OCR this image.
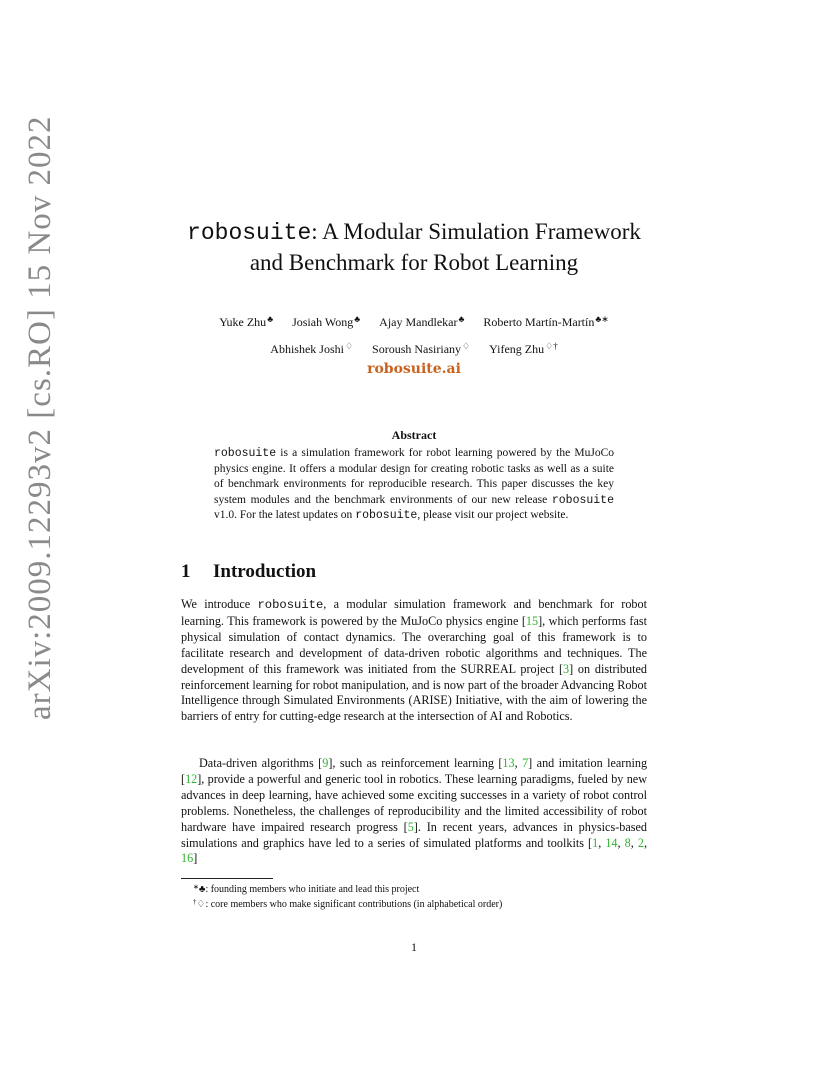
arXiv:2009.12293v2 [cs.RO] 15 Nov 2022	robosuite: A Modular Simulation Framework
and Benchmark for Robot Learning
Yuke Zhu♣ Josiah Wong♣ Ajay Mandlekar♣ Roberto Martín-Martín♣∗
Abhishek Joshi♢ Soroush Nasiriany♢ Yifeng Zhu♢†
robosuite.ai
Abstract
robosuite is a simulation framework for robot learning powered by the MuJoCo physics engine. It offers a modular design for creating robotic tasks as well as a suite of benchmark environments for reproducible research. This paper discusses the key system modules and the benchmark environments of our new release robosuite v1.0. For the latest updates on robosuite, please visit our project website.
1 Introduction
We introduce robosuite, a modular simulation framework and benchmark for robot learning. This framework is powered by the MuJoCo physics engine [15], which performs fast physical simulation of contact dynamics. The overarching goal of this framework is to facilitate research and development of data-driven robotic algorithms and techniques. The development of this framework was initiated from the SURREAL project [3] on distributed reinforcement learning for robot manipulation, and is now part of the broader Advancing Robot Intelligence through Simulated Environments (ARISE) Initiative, with the aim of lowering the barriers of entry for cutting-edge research at the intersection of AI and Robotics.
Data-driven algorithms [9], such as reinforcement learning [13, 7] and imitation learning [12], provide a powerful and generic tool in robotics. These learning paradigms, fueled by new advances in deep learning, have achieved some exciting successes in a variety of robot control problems. Nonetheless, the challenges of reproducibility and the limited accessibility of robot hardware have impaired research progress [5]. In recent years, advances in physics-based simulations and graphics have led to a series of simulated platforms and toolkits [1, 14, 8, 2, 16]
∗♣: founding members who initiate and lead this project
†♢: core members who make significant contributions (in alphabetical order)
1
